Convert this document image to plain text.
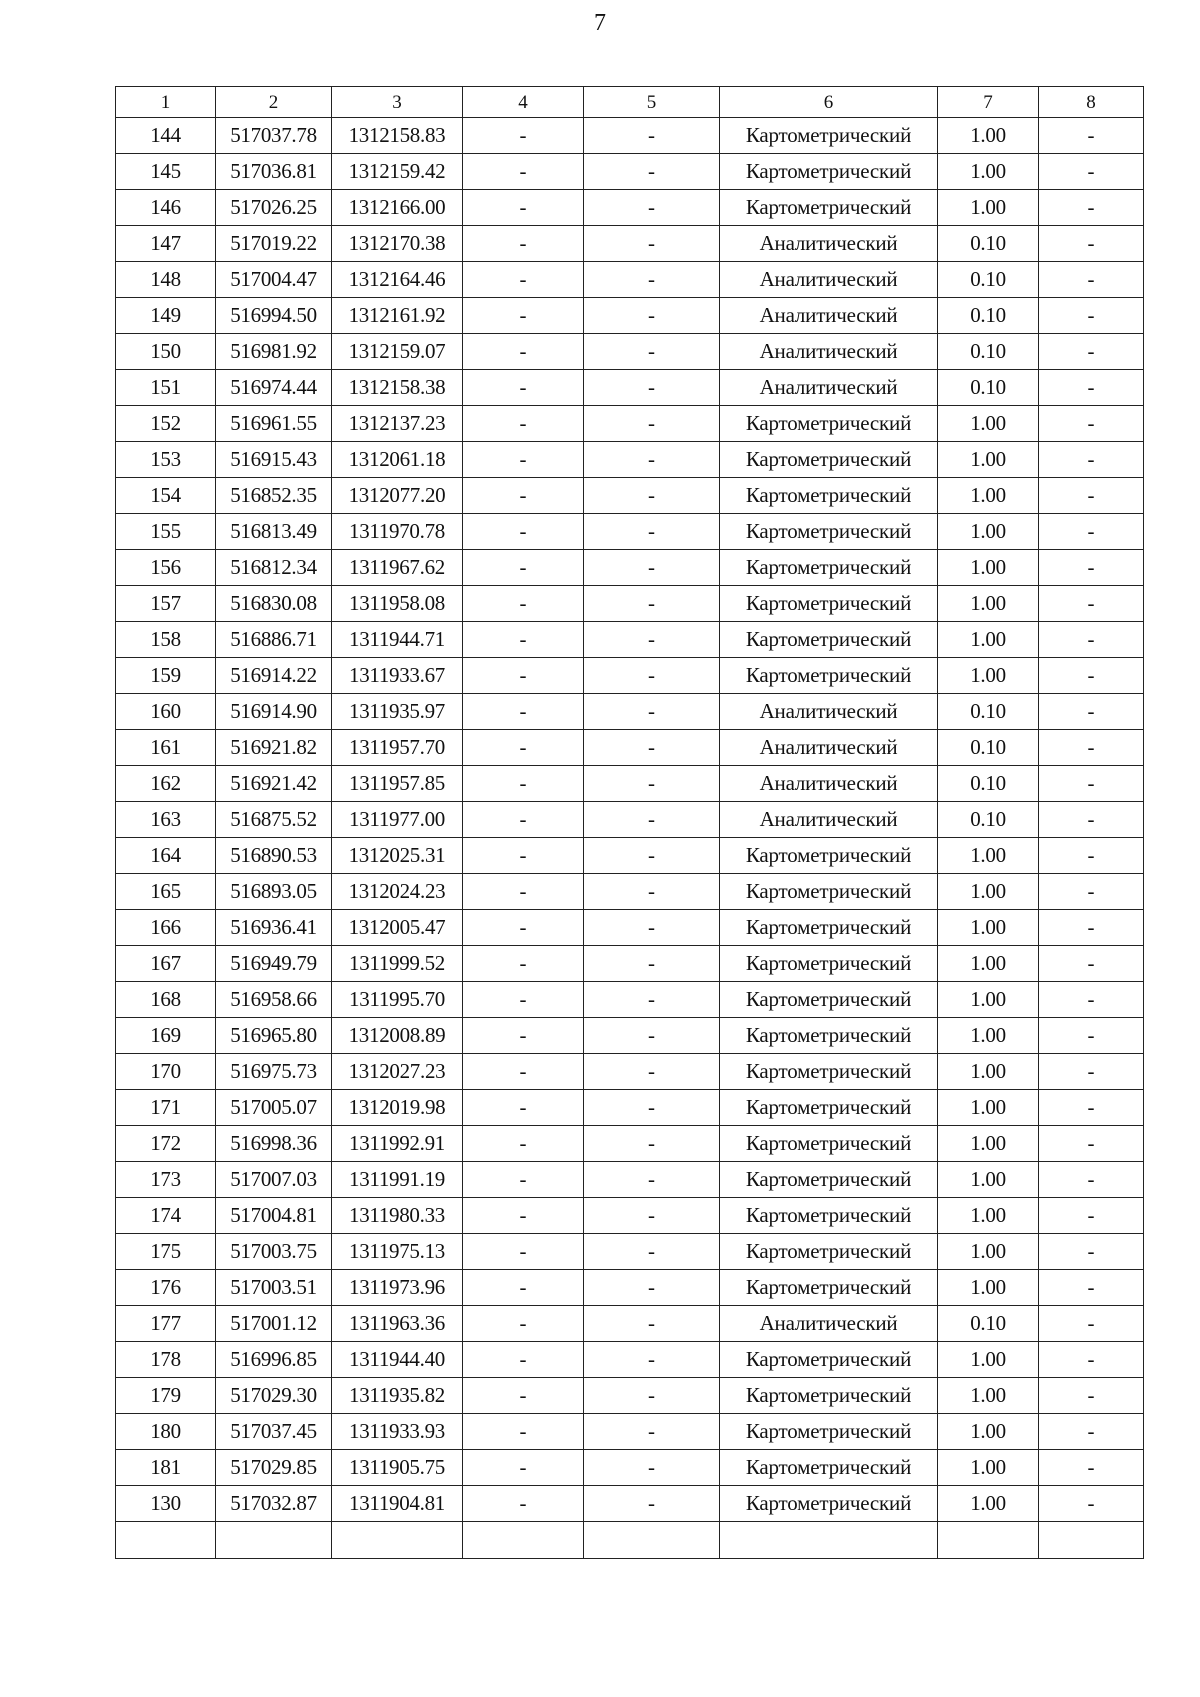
7
1	2	3	4	5	6	7	8
144	517037.78	1312158.83	-	-	Картометрический	1.00	-
145	517036.81	1312159.42	-	-	Картометрический	1.00	-
146	517026.25	1312166.00	-	-	Картометрический	1.00	-
147	517019.22	1312170.38	-	-	Аналитический	0.10	-
148	517004.47	1312164.46	-	-	Аналитический	0.10	-
149	516994.50	1312161.92	-	-	Аналитический	0.10	-
150	516981.92	1312159.07	-	-	Аналитический	0.10	-
151	516974.44	1312158.38	-	-	Аналитический	0.10	-
152	516961.55	1312137.23	-	-	Картометрический	1.00	-
153	516915.43	1312061.18	-	-	Картометрический	1.00	-
154	516852.35	1312077.20	-	-	Картометрический	1.00	-
155	516813.49	1311970.78	-	-	Картометрический	1.00	-
156	516812.34	1311967.62	-	-	Картометрический	1.00	-
157	516830.08	1311958.08	-	-	Картометрический	1.00	-
158	516886.71	1311944.71	-	-	Картометрический	1.00	-
159	516914.22	1311933.67	-	-	Картометрический	1.00	-
160	516914.90	1311935.97	-	-	Аналитический	0.10	-
161	516921.82	1311957.70	-	-	Аналитический	0.10	-
162	516921.42	1311957.85	-	-	Аналитический	0.10	-
163	516875.52	1311977.00	-	-	Аналитический	0.10	-
164	516890.53	1312025.31	-	-	Картометрический	1.00	-
165	516893.05	1312024.23	-	-	Картометрический	1.00	-
166	516936.41	1312005.47	-	-	Картометрический	1.00	-
167	516949.79	1311999.52	-	-	Картометрический	1.00	-
168	516958.66	1311995.70	-	-	Картометрический	1.00	-
169	516965.80	1312008.89	-	-	Картометрический	1.00	-
170	516975.73	1312027.23	-	-	Картометрический	1.00	-
171	517005.07	1312019.98	-	-	Картометрический	1.00	-
172	516998.36	1311992.91	-	-	Картометрический	1.00	-
173	517007.03	1311991.19	-	-	Картометрический	1.00	-
174	517004.81	1311980.33	-	-	Картометрический	1.00	-
175	517003.75	1311975.13	-	-	Картометрический	1.00	-
176	517003.51	1311973.96	-	-	Картометрический	1.00	-
177	517001.12	1311963.36	-	-	Аналитический	0.10	-
178	516996.85	1311944.40	-	-	Картометрический	1.00	-
179	517029.30	1311935.82	-	-	Картометрический	1.00	-
180	517037.45	1311933.93	-	-	Картометрический	1.00	-
181	517029.85	1311905.75	-	-	Картометрический	1.00	-
130	517032.87	1311904.81	-	-	Картометрический	1.00	-
